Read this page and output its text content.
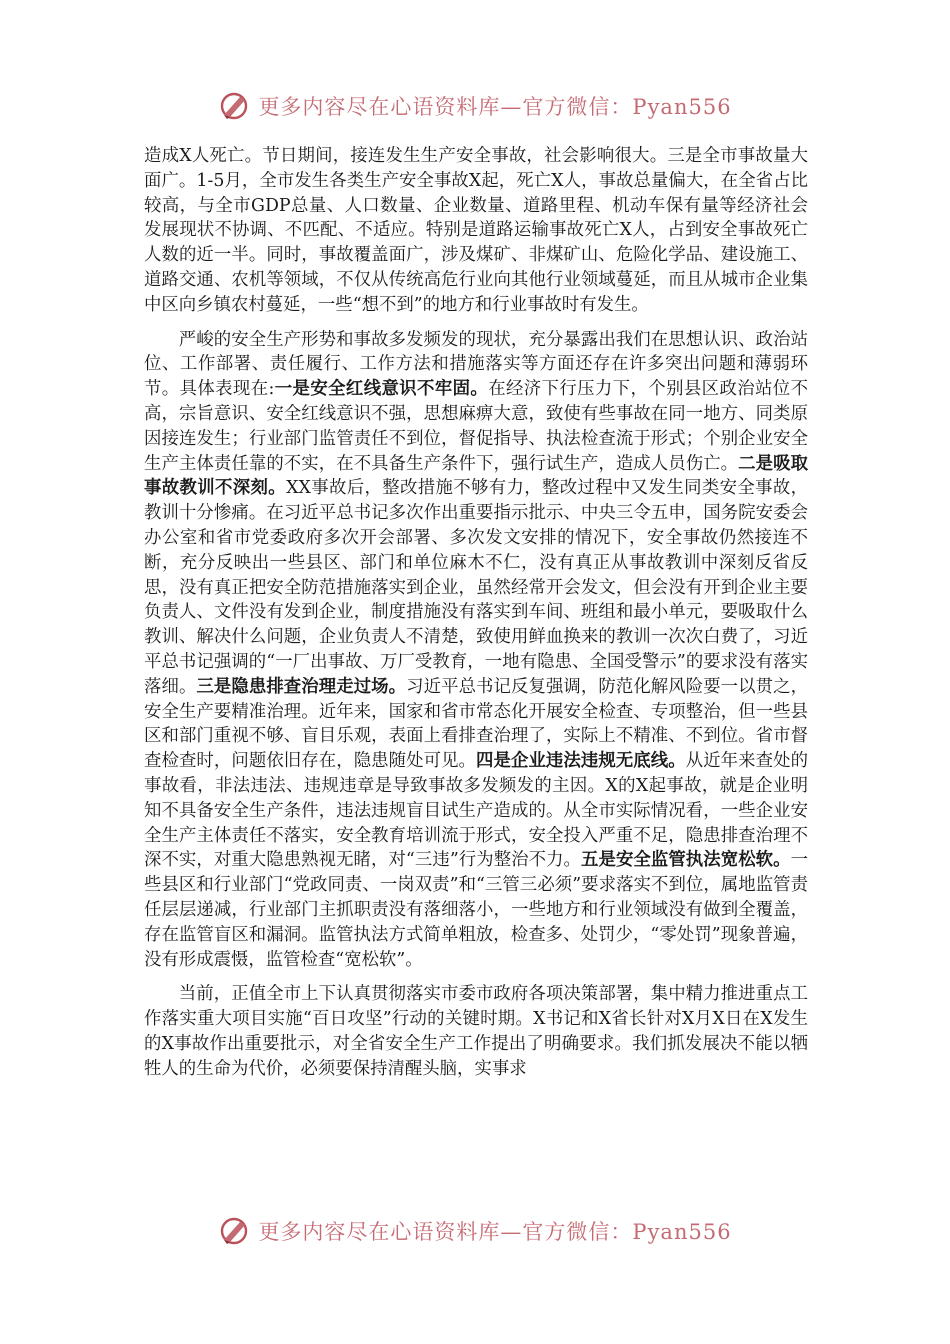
更多内容尽在心语资料库—官方微信：Pyan556

造成X人死亡。节日期间，接连发生生产安全事故，社会影响很大。三是全市事故量大面广。1-5月，全市发生各类生产安全事故X起，死亡X人，事故总量偏大，在全省占比较高，与全市GDP总量、人口数量、企业数量、道路里程、机动车保有量等经济社会发展现状不协调、不匹配、不适应。特别是道路运输事故死亡X人，占到安全事故死亡人数的近一半。同时，事故覆盖面广，涉及煤矿、非煤矿山、危险化学品、建设施工、道路交通、农机等领域，不仅从传统高危行业向其他行业领域蔓延，而且从城市企业集中区向乡镇农村蔓延，一些“想不到”的地方和行业事故时有发生。

严峻的安全生产形势和事故多发频发的现状，充分暴露出我们在思想认识、政治站位、工作部署、责任履行、工作方法和措施落实等方面还存在许多突出问题和薄弱环节。具体表现在:一是安全红线意识不牢固。在经济下行压力下，个别县区政治站位不高，宗旨意识、安全红线意识不强，思想麻痹大意，致使有些事故在同一地方、同类原因接连发生；行业部门监管责任不到位，督促指导、执法检查流于形式；个别企业安全生产主体责任靠的不实，在不具备生产条件下，强行试生产，造成人员伤亡。二是吸取事故教训不深刻。XX事故后，整改措施不够有力，整改过程中又发生同类安全事故，教训十分惨痛。在习近平总书记多次作出重要指示批示、中央三令五申，国务院安委会办公室和省市党委政府多次开会部署、多次发文安排的情况下，安全事故仍然接连不断，充分反映出一些县区、部门和单位麻木不仁，没有真正从事故教训中深刻反省反思，没有真正把安全防范措施落实到企业，虽然经常开会发文，但会没有开到企业主要负责人、文件没有发到企业，制度措施没有落实到车间、班组和最小单元，要吸取什么教训、解决什么问题，企业负责人不清楚，致使用鲜血换来的教训一次次白费了，习近平总书记强调的“一厂出事故、万厂受教育，一地有隐患、全国受警示”的要求没有落实落细。三是隐患排查治理走过场。习近平总书记反复强调，防范化解风险要一以贯之，安全生产要精准治理。近年来，国家和省市常态化开展安全检查、专项整治，但一些县区和部门重视不够、盲目乐观，表面上看排查治理了，实际上不精准、不到位。省市督查检查时，问题依旧存在，隐患随处可见。四是企业违法违规无底线。从近年来查处的事故看，非法违法、违规违章是导致事故多发频发的主因。X的X起事故，就是企业明知不具备安全生产条件，违法违规盲目试生产造成的。从全市实际情况看，一些企业安全生产主体责任不落实，安全教育培训流于形式，安全投入严重不足，隐患排查治理不深不实，对重大隐患熟视无睹，对“三违”行为整治不力。五是安全监管执法宽松软。一些县区和行业部门“党政同责、一岗双责”和“三管三必须”要求落实不到位，属地监管责任层层递减，行业部门主抓职责没有落细落小，一些地方和行业领域没有做到全覆盖，存在监管盲区和漏洞。监管执法方式简单粗放，检查多、处罚少，“零处罚”现象普遍，没有形成震慑，监管检查“宽松软”。

当前，正值全市上下认真贯彻落实市委市政府各项决策部署，集中精力推进重点工作落实重大项目实施“百日攻坚”行动的关键时期。X书记和X省长针对X月X日在X发生的X事故作出重要批示，对全省安全生产工作提出了明确要求。我们抓发展决不能以牺牲人的生命为代价，必须要保持清醒头脑，实事求

更多内容尽在心语资料库—官方微信：Pyan556
